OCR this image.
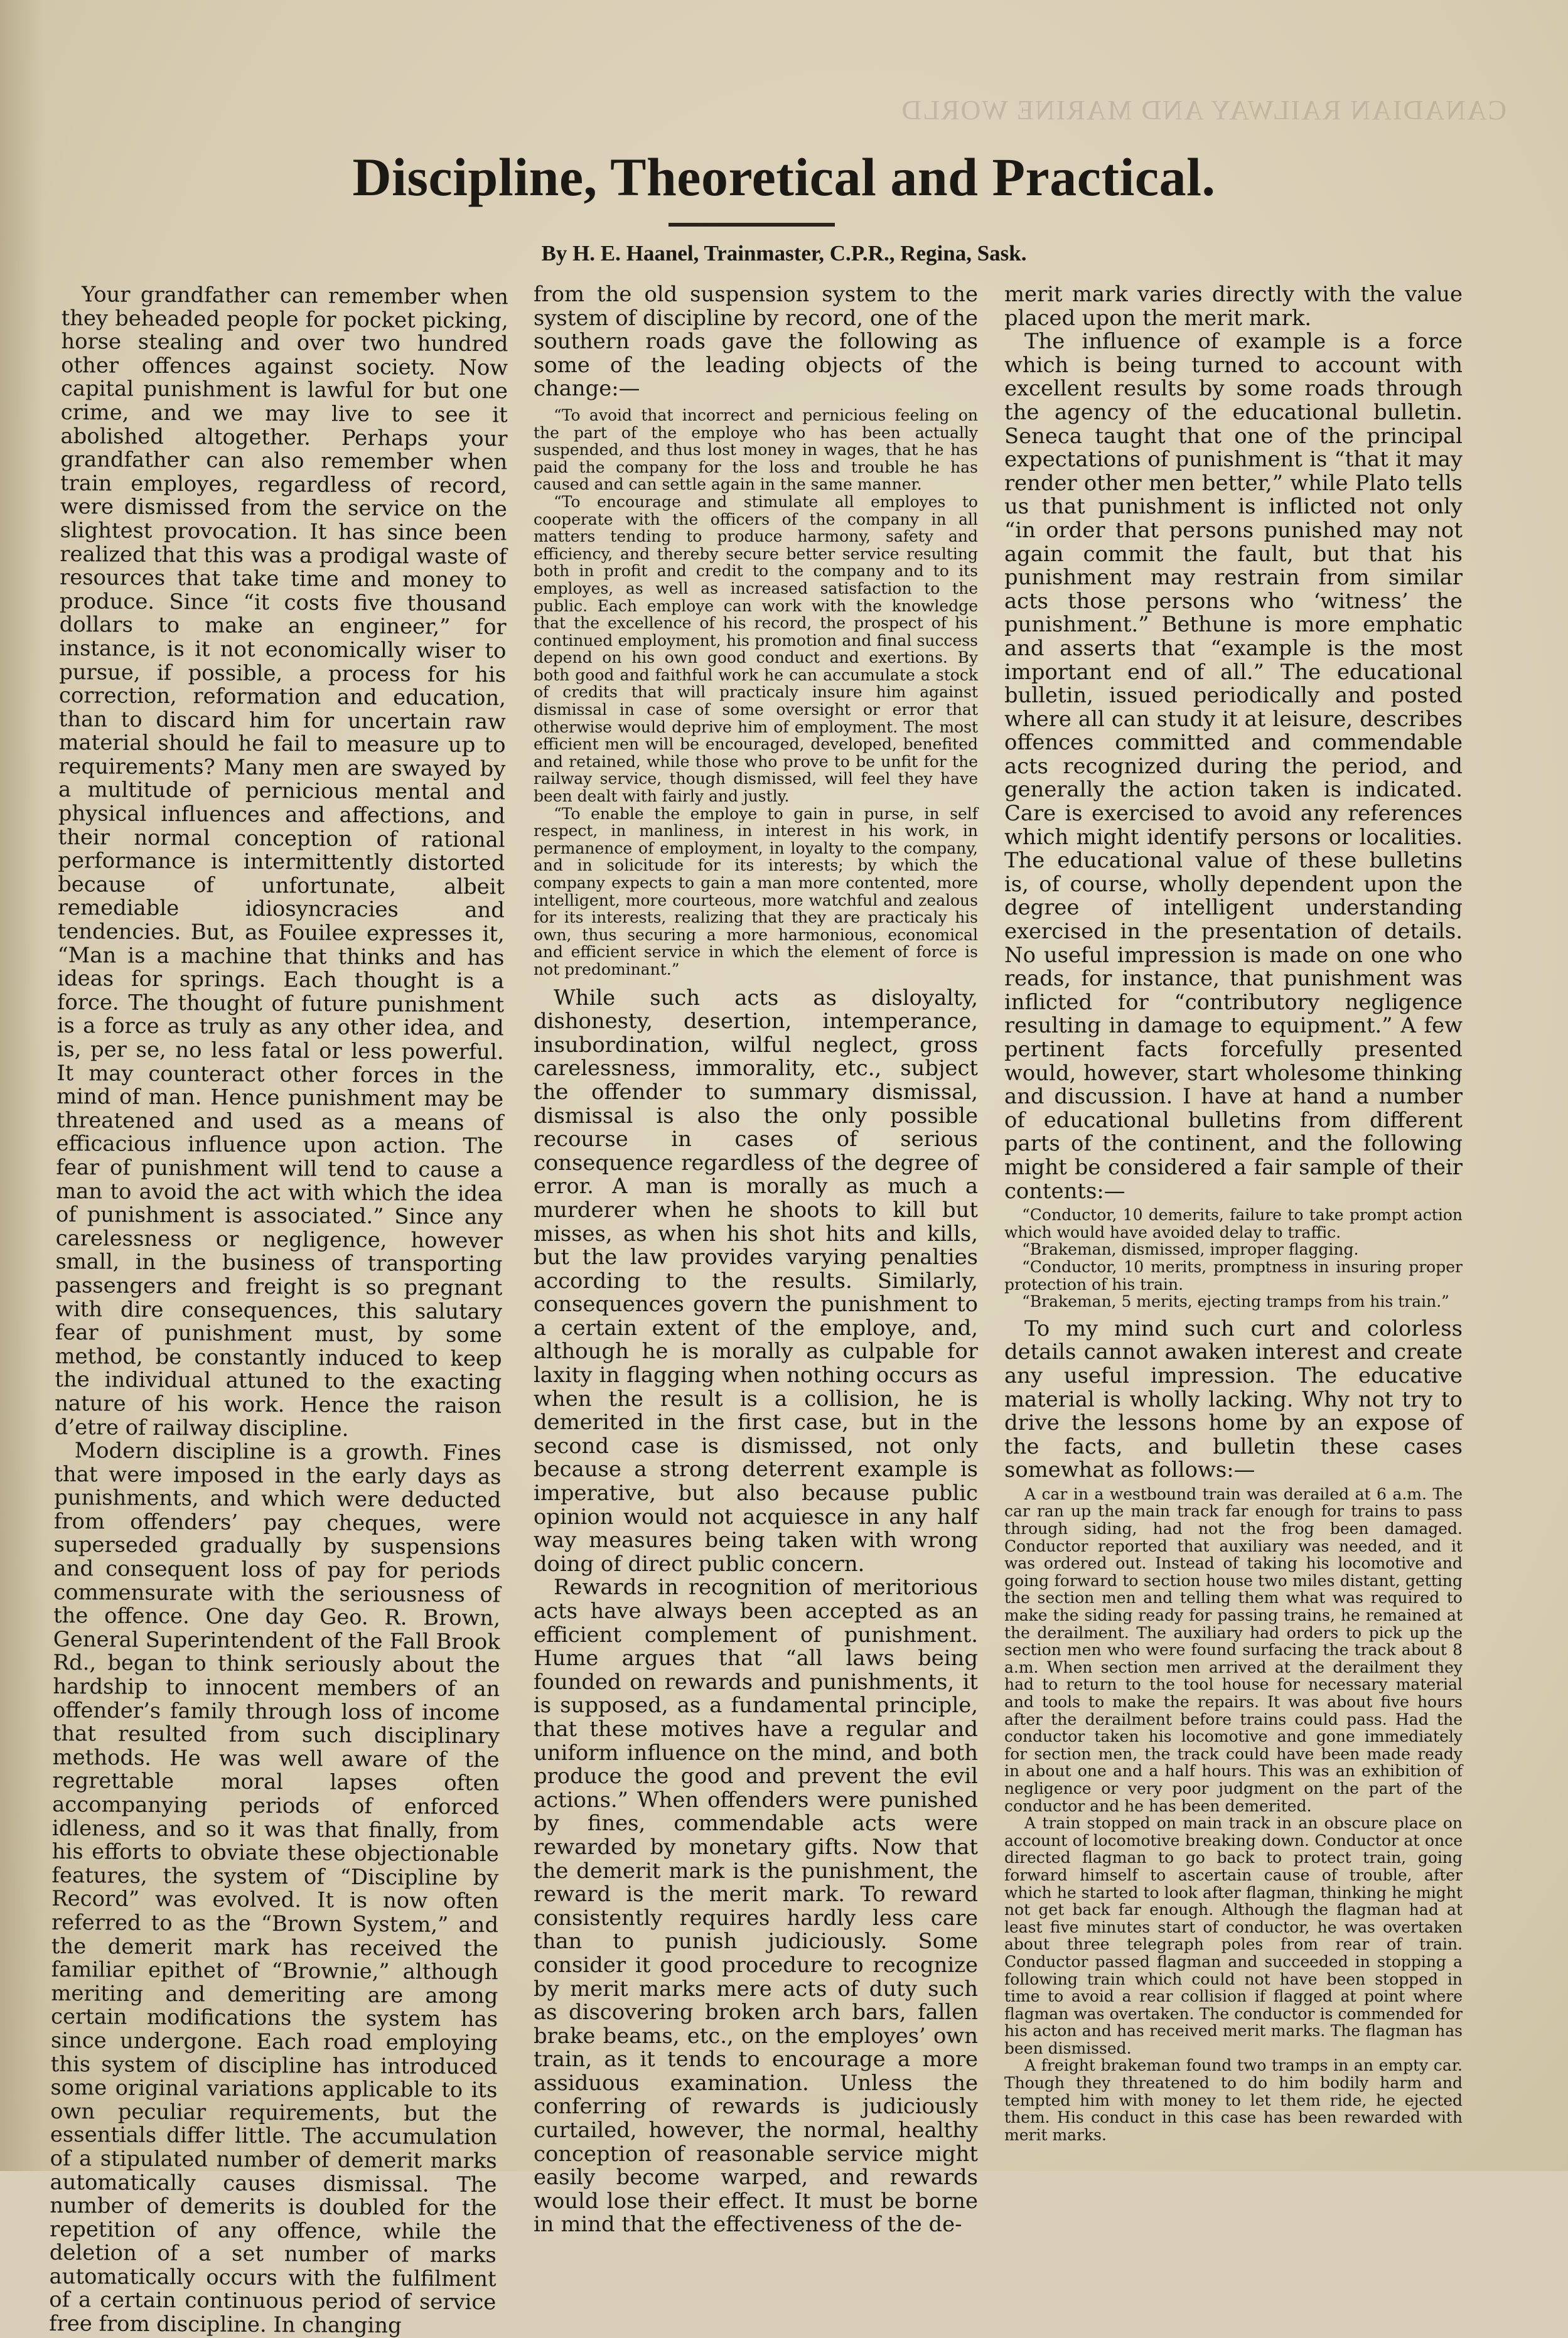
CANADIAN RAILWAY AND MARINE WORLD
Discipline, Theoretical and Practical.
By H. E. Haanel, Trainmaster, C.P.R., Regina, Sask.

Your grandfather can remember when they beheaded people for pocket picking, horse stealing and over two hundred other offences against society. Now capital punishment is lawful for but one crime, and we may live to see it abolished altogether. Perhaps your grandfather can also remember when train employes, regardless of record, were dismissed from the service on the slightest provocation. It has since been realized that this was a prodigal waste of resources that take time and money to produce. Since “it costs five thousand dollars to make an engineer,” for instance, is it not economically wiser to pursue, if possible, a process for his correction, reformation and education, than to discard him for uncertain raw material should he fail to measure up to requirements? Many men are swayed by a multitude of pernicious mental and physical influences and affections, and their normal conception of rational performance is intermittently distorted because of unfortunate, albeit remediable idiosyncracies and tendencies. But, as Fouilee expresses it, “Man is a machine that thinks and has ideas for springs. Each thought is a force. The thought of future punishment is a force as truly as any other idea, and is, per se, no less fatal or less powerful. It may counteract other forces in the mind of man. Hence punishment may be threatened and used as a means of efficacious influence upon action. The fear of punishment will tend to cause a man to avoid the act with which the idea of punishment is associated.” Since any carelessness or negligence, however small, in the business of transporting passengers and freight is so pregnant with dire consequences, this salutary fear of punishment must, by some method, be constantly induced to keep the individual attuned to the exacting nature of his work. Hence the raison d’etre of railway discipline.

Modern discipline is a growth. Fines that were imposed in the early days as punishments, and which were deducted from offenders’ pay cheques, were superseded gradually by suspensions and consequent loss of pay for periods commensurate with the seriousness of the offence. One day Geo. R. Brown, General Superintendent of the Fall Brook Rd., began to think seriously about the hardship to innocent members of an offender’s family through loss of income that resulted from such disciplinary methods. He was well aware of the regrettable moral lapses often accompanying periods of enforced idleness, and so it was that finally, from his efforts to obviate these objectionable features, the system of “Discipline by Record” was evolved. It is now often referred to as the “Brown System,” and the demerit mark has received the familiar epithet of “Brownie,” although meriting and demeriting are among certain modifications the system has since undergone. Each road employing this system of discipline has introduced some original variations applicable to its own peculiar requirements, but the essentials differ little. The accumulation of a stipulated number of demerit marks automatically causes dismissal. The number of demerits is doubled for the repetition of any offence, while the deletion of a set number of marks automatically occurs with the fulfilment of a certain continuous period of service free from discipline. In changing

from the old suspension system to the system of discipline by record, one of the southern roads gave the following as some of the leading objects of the change:—

“To avoid that incorrect and pernicious feeling on the part of the employe who has been actually suspended, and thus lost money in wages, that he has paid the company for the loss and trouble he has caused and can settle again in the same manner.

“To encourage and stimulate all employes to cooperate with the officers of the company in all matters tending to produce harmony, safety and efficiency, and thereby secure better service resulting both in profit and credit to the company and to its employes, as well as increased satisfaction to the public. Each employe can work with the knowledge that the excellence of his record, the prospect of his continued employment, his promotion and final success depend on his own good conduct and exertions. By both good and faithful work he can accumulate a stock of credits that will practicaly insure him against dismissal in case of some oversight or error that otherwise would deprive him of employment. The most efficient men will be encouraged, developed, benefited and retained, while those who prove to be unfit for the railway service, though dismissed, will feel they have been dealt with fairly and justly.

“To enable the employe to gain in purse, in self respect, in manliness, in interest in his work, in permanence of employment, in loyalty to the company, and in solicitude for its interests; by which the company expects to gain a man more contented, more intelligent, more courteous, more watchful and zealous for its interests, realizing that they are practicaly his own, thus securing a more harmonious, economical and efficient service in which the element of force is not predominant.”

While such acts as disloyalty, dishonesty, desertion, intemperance, insubordination, wilful neglect, gross carelessness, immorality, etc., subject the offender to summary dismissal, dismissal is also the only possible recourse in cases of serious consequence regardless of the degree of error. A man is morally as much a murderer when he shoots to kill but misses, as when his shot hits and kills, but the law provides varying penalties according to the results. Similarly, consequences govern the punishment to a certain extent of the employe, and, although he is morally as culpable for laxity in flagging when nothing occurs as when the result is a collision, he is demerited in the first case, but in the second case is dismissed, not only because a strong deterrent example is imperative, but also because public opinion would not acquiesce in any half way measures being taken with wrong doing of direct public concern.

Rewards in recognition of meritorious acts have always been accepted as an efficient complement of punishment. Hume argues that “all laws being founded on rewards and punishments, it is supposed, as a fundamental principle, that these motives have a regular and uniform influence on the mind, and both produce the good and prevent the evil actions.” When offenders were punished by fines, commendable acts were rewarded by monetary gifts. Now that the demerit mark is the punishment, the reward is the merit mark. To reward consistently requires hardly less care than to punish judiciously. Some consider it good procedure to recognize by merit marks mere acts of duty such as discovering broken arch bars, fallen brake beams, etc., on the employes’ own train, as it tends to encourage a more assiduous examination. Unless the conferring of rewards is judiciously curtailed, however, the normal, healthy conception of reasonable service might easily become warped, and rewards would lose their effect. It must be borne in mind that the effectiveness of the de-

merit mark varies directly with the value placed upon the merit mark.

The influence of example is a force which is being turned to account with excellent results by some roads through the agency of the educational bulletin. Seneca taught that one of the principal expectations of punishment is “that it may render other men better,” while Plato tells us that punishment is inflicted not only “in order that persons punished may not again commit the fault, but that his punishment may restrain from similar acts those persons who ‘witness’ the punishment.” Bethune is more emphatic and asserts that “example is the most important end of all.” The educational bulletin, issued periodically and posted where all can study it at leisure, describes offences committed and commendable acts recognized during the period, and generally the action taken is indicated. Care is exercised to avoid any references which might identify persons or localities. The educational value of these bulletins is, of course, wholly dependent upon the degree of intelligent understanding exercised in the presentation of details. No useful impression is made on one who reads, for instance, that punishment was inflicted for “contributory negligence resulting in damage to equipment.” A few pertinent facts forcefully presented would, however, start wholesome thinking and discussion. I have at hand a number of educational bulletins from different parts of the continent, and the following might be considered a fair sample of their contents:—

“Conductor, 10 demerits, failure to take prompt action which would have avoided delay to traffic.

“Brakeman, dismissed, improper flagging.

“Conductor, 10 merits, promptness in insuring proper protection of his train.

“Brakeman, 5 merits, ejecting tramps from his train.”

To my mind such curt and colorless details cannot awaken interest and create any useful impression. The educative material is wholly lacking. Why not try to drive the lessons home by an expose of the facts, and bulletin these cases somewhat as follows:—

A car in a westbound train was derailed at 6 a.m. The car ran up the main track far enough for trains to pass through siding, had not the frog been damaged. Conductor reported that auxiliary was needed, and it was ordered out. Instead of taking his locomotive and going forward to section house two miles distant, getting the section men and telling them what was required to make the siding ready for passing trains, he remained at the derailment. The auxiliary had orders to pick up the section men who were found surfacing the track about 8 a.m. When section men arrived at the derailment they had to return to the tool house for necessary material and tools to make the repairs. It was about five hours after the derailment before trains could pass. Had the conductor taken his locomotive and gone immediately for section men, the track could have been made ready in about one and a half hours. This was an exhibition of negligence or very poor judgment on the part of the conductor and he has been demerited.

A train stopped on main track in an obscure place on account of locomotive breaking down. Conductor at once directed flagman to go back to protect train, going forward himself to ascertain cause of trouble, after which he started to look after flagman, thinking he might not get back far enough. Although the flagman had at least five minutes start of conductor, he was overtaken about three telegraph poles from rear of train. Conductor passed flagman and succeeded in stopping a following train which could not have been stopped in time to avoid a rear collision if flagged at point where flagman was overtaken. The conductor is commended for his acton and has received merit marks. The flagman has been dismissed.

A freight brakeman found two tramps in an empty car. Though they threatened to do him bodily harm and tempted him with money to let them ride, he ejected them. His conduct in this case has been rewarded with merit marks.
